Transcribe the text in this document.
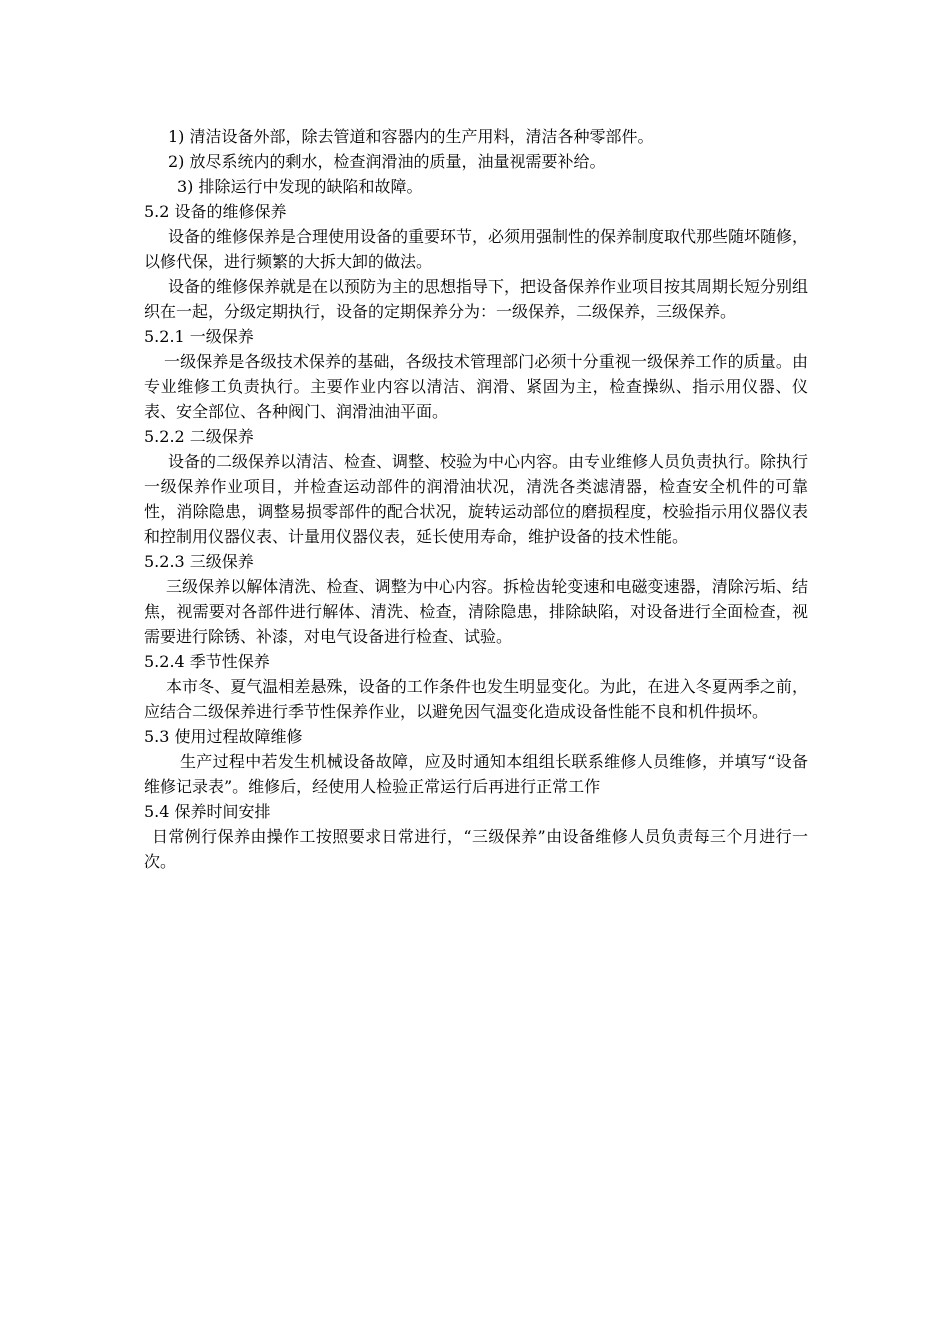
1) 清洁设备外部，除去管道和容器内的生产用料，清洁各种零部件。
2) 放尽系统内的剩水，检查润滑油的质量，油量视需要补给。
3) 排除运行中发现的缺陷和故障。
5.2 设备的维修保养

设备的维修保养是合理使用设备的重要环节，必须用强制性的保养制度取代那些随坏随修，以修代保，进行频繁的大拆大卸的做法。

设备的维修保养就是在以预防为主的思想指导下，把设备保养作业项目按其周期长短分别组织在一起，分级定期执行，设备的定期保养分为：一级保养，二级保养，三级保养。

5.2.1 一级保养

一级保养是各级技术保养的基础，各级技术管理部门必须十分重视一级保养工作的质量。由专业维修工负责执行。主要作业内容以清洁、润滑、紧固为主，检查操纵、指示用仪器、仪表、安全部位、各种阀门、润滑油油平面。

5.2.2 二级保养

设备的二级保养以清洁、检查、调整、校验为中心内容。由专业维修人员负责执行。除执行一级保养作业项目，并检查运动部件的润滑油状况，清洗各类滤清器，检查安全机件的可靠性，消除隐患，调整易损零部件的配合状况，旋转运动部位的磨损程度，校验指示用仪器仪表和控制用仪器仪表、计量用仪器仪表，延长使用寿命，维护设备的技术性能。

5.2.3 三级保养

三级保养以解体清洗、检查、调整为中心内容。拆检齿轮变速和电磁变速器，清除污垢、结焦，视需要对各部件进行解体、清洗、检查，清除隐患，排除缺陷，对设备进行全面检查，视需要进行除锈、补漆，对电气设备进行检查、试验。

5.2.4 季节性保养

本市冬、夏气温相差悬殊，设备的工作条件也发生明显变化。为此，在进入冬夏两季之前，应结合二级保养进行季节性保养作业，以避免因气温变化造成设备性能不良和机件损坏。

5.3 使用过程故障维修

生产过程中若发生机械设备故障，应及时通知本组组长联系维修人员维修，并填写“设备维修记录表”。维修后，经使用人检验正常运行后再进行正常工作

5.4 保养时间安排

日常例行保养由操作工按照要求日常进行，“三级保养”由设备维修人员负责每三个月进行一次。
